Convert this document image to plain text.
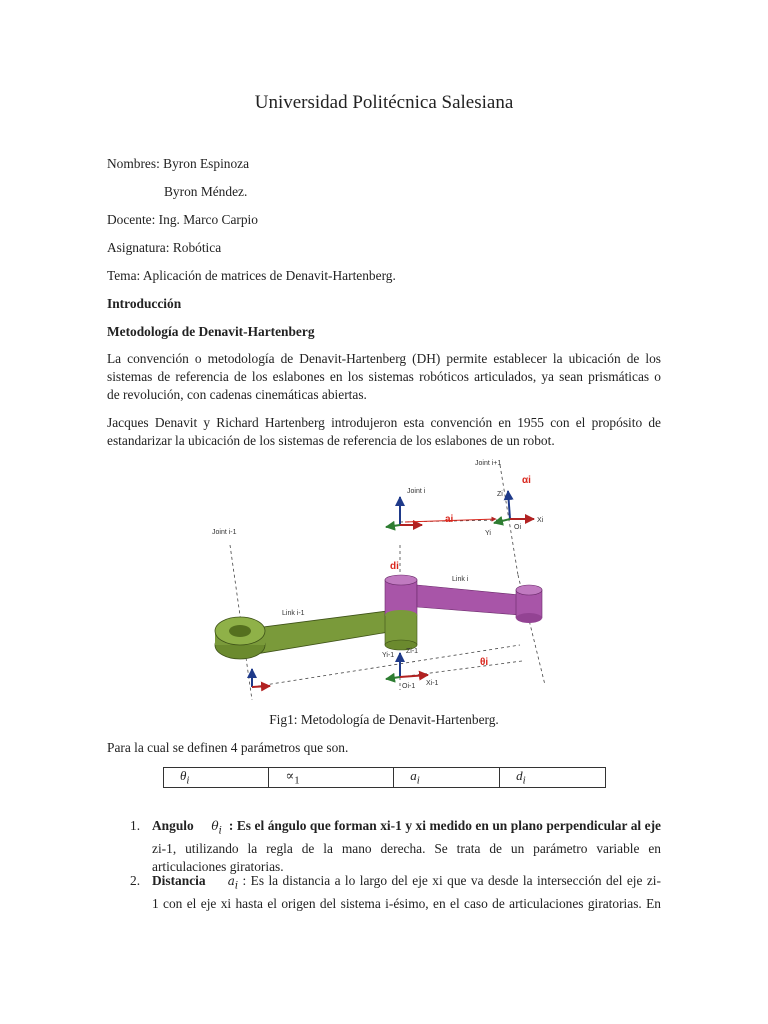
Universidad Politécnica Salesiana
Nombres: Byron Espinoza
Byron Méndez.
Docente: Ing. Marco Carpio
Asignatura: Robótica
Tema: Aplicación de matrices de Denavit-Hartenberg.
Introducción
Metodología de Denavit-Hartenberg
La convención o metodología de Denavit-Hartenberg (DH) permite establecer la ubicación de los
sistemas de referencia de los eslabones en los sistemas robóticos articulados, ya sean prismáticas o
de revolución, con cadenas cinemáticas abiertas.
Jacques Denavit y Richard Hartenberg introdujeron esta convención en 1955 con el propósito de
estandarizar la ubicación de los sistemas de referencia de los eslabones de un robot.
Joint i-1
Joint i
Joint i+1
Link i-1
Link i
Zi
Yi
Xi
Oi
Zi-1
Yi-1
Xi-1
Oi-1
ai
di
αi
θi
Fig1: Metodología de Denavit-Hartenberg.
Para la cual se definen 4 parámetros que son.
$\theta_i$	$\propto_1$	$a_i$	$d_i$
1. Angulo $\theta_i$ : Es el ángulo que forman xi-1 y xi medido en un plano perpendicular al eje
zi-1, utilizando la regla de la mano derecha. Se trata de un parámetro variable en
articulaciones giratorias.
2. Distancia $a_i$ : Es la distancia a lo largo del eje xi que va desde la intersección del eje zi-
1 con el eje xi hasta el origen del sistema i-ésimo, en el caso de articulaciones giratorias. En
